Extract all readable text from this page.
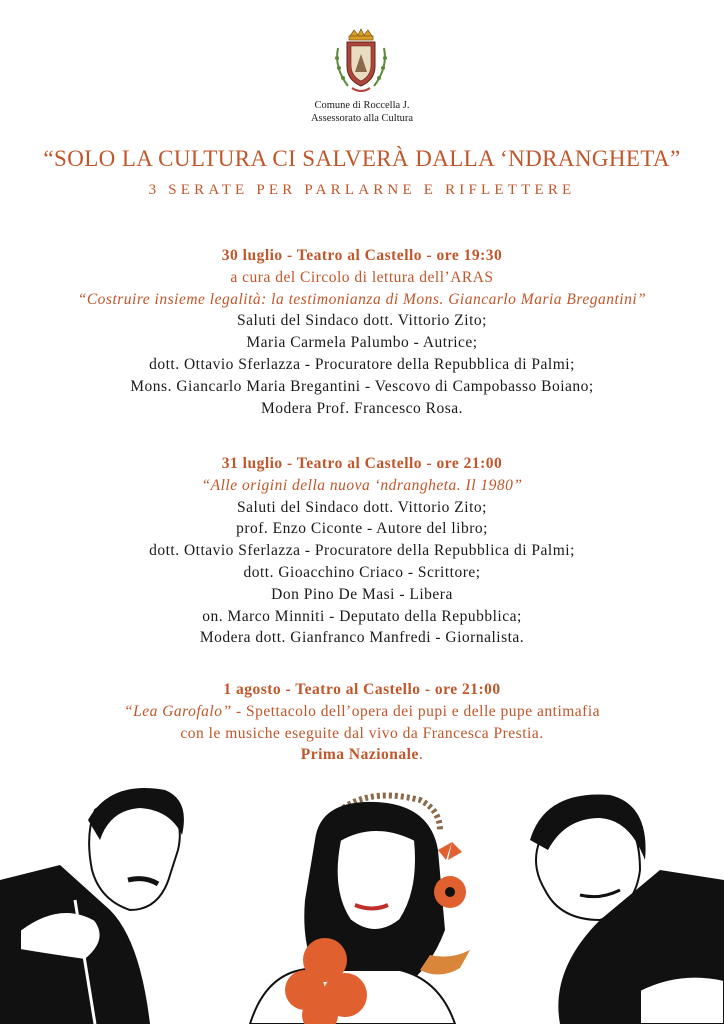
Comune di Roccella J.
Assessorato alla Cultura
“SOLO LA CULTURA CI SALVERÀ DALLA ‘NDRANGHETA”
3 SERATE PER PARLARNE E RIFLETTERE
30 luglio - Teatro al Castello - ore 19:30
a cura del Circolo di lettura dell’ARAS
“Costruire insieme legalità: la testimonianza di Mons. Giancarlo Maria Bregantini”
Saluti del Sindaco dott. Vittorio Zito;
Maria Carmela Palumbo - Autrice;
dott. Ottavio Sferlazza - Procuratore della Repubblica di Palmi;
Mons. Giancarlo Maria Bregantini - Vescovo di Campobasso Boiano;
Modera Prof. Francesco Rosa.
31 luglio - Teatro al Castello - ore 21:00
“Alle origini della nuova ‘ndrangheta. Il 1980”
Saluti del Sindaco dott. Vittorio Zito;
prof. Enzo Ciconte - Autore del libro;
dott. Ottavio Sferlazza - Procuratore della Repubblica di Palmi;
dott. Gioacchino Criaco - Scrittore;
Don Pino De Masi - Libera
on. Marco Minniti - Deputato della Repubblica;
Modera dott. Gianfranco Manfredi - Giornalista.
1 agosto - Teatro al Castello - ore 21:00
“Lea Garofalo” - Spettacolo dell’opera dei pupi e delle pupe antimafia
con le musiche eseguite dal vivo da Francesca Prestia.
Prima Nazionale.
